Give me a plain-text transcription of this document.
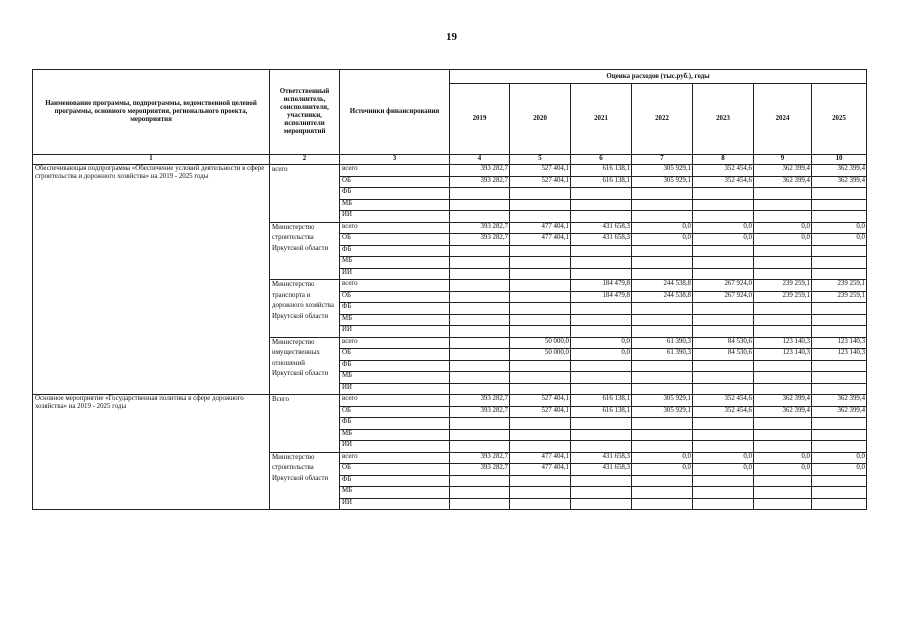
19
Наименование программы, подпрограммы, ведомственной целевой программы, основного мероприятия, регионального проекта, мероприятия	Ответственный исполнитель, соисполнители, участники, исполнители мероприятий	Источники финансирования	Оценка расходов (тыс.руб.), годы						
			2019	2020	2021	2022	2023	2024	2025
1	2	3	4	5	6	7	8	9	10
Обеспечивающая подпрограмма «Обеспечение условий деятельности в сфере строительства и дорожного хозяйства» на 2019 - 2025 годы	всего	всего	393 282,7	527 404,1	616 138,1	305 929,1	352 454,6	362 399,4	362 399,4
		ОБ	393 282,7	527 404,1	616 138,1	305 929,1	352 454,6	362 399,4	362 399,4
		ФБ							
		МБ							
		ИИ							
	Министерство строительства Иркутской области	всего	393 282,7	477 404,1	431 658,3	0,0	0,0	0,0	0,0
		ОБ	393 282,7	477 404,1	431 658,3	0,0	0,0	0,0	0,0
		ФБ							
		МБ							
		ИИ							
	Министерство транспорта и дорожного хозяйства Иркутской области	всего			184 479,8	244 538,8	267 924,0	239 259,1	239 259,1
		ОБ			184 479,8	244 538,8	267 924,0	239 259,1	239 259,1
		ФБ							
		МБ							
		ИИ							
	Министерство имущественных отношений Иркутской области	всего		50 000,0	0,0	61 390,3	84 530,6	123 140,3	123 140,3
		ОБ		50 000,0	0,0	61 390,3	84 530,6	123 140,3	123 140,3
		ФБ							
		МБ							
		ИИ							
Основное мероприятие «Государственная политика в сфере дорожного хозяйства» на 2019 - 2025 годы	Всего	всего	393 282,7	527 404,1	616 138,1	305 929,1	352 454,6	362 399,4	362 399,4
		ОБ	393 282,7	527 404,1	616 138,1	305 929,1	352 454,6	362 399,4	362 399,4
		ФБ							
		МБ							
		ИИ							
	Министерство строительства Иркутской области	всего	393 282,7	477 404,1	431 658,3	0,0	0,0	0,0	0,0
		ОБ	393 282,7	477 404,1	431 658,3	0,0	0,0	0,0	0,0
		ФБ							
		МБ							
		ИИ							
